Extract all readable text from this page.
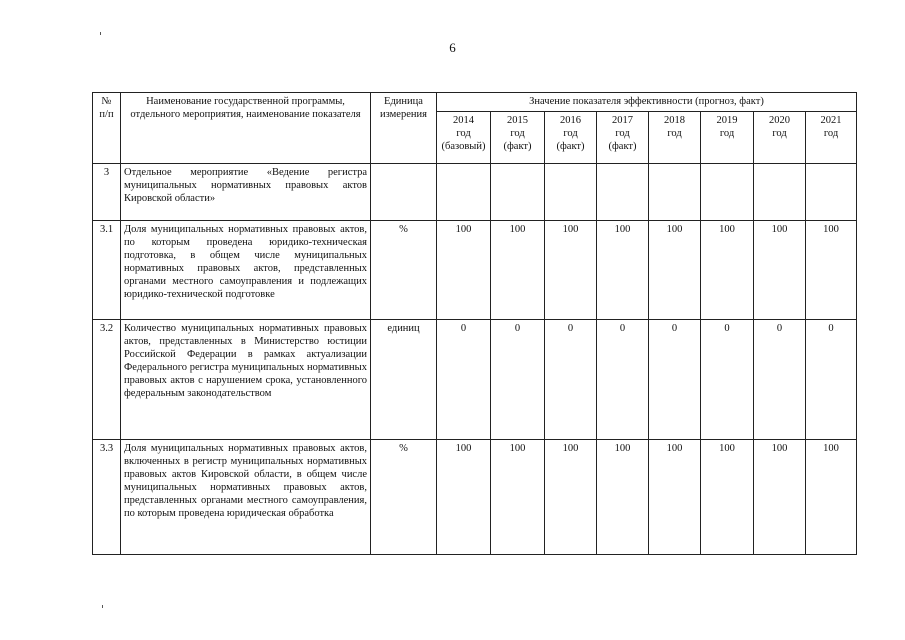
6
№ п/п	Наименование государственной программы, отдельного мероприятия, наименование показателя	Единица измерения	Значение показателя эффективности (прогноз, факт)							

			2014
год
(базовый)	2015
год
(факт)	2016
год
(факт)	2017
год
(факт)	2018
год	2019
год	2020
год	2021
год

3	Отдельное мероприятие «Ведение регистра муниципальных нормативных правовых актов Кировской области»									
3.1	Доля муниципальных нормативных правовых актов, по которым проведена юридико-техническая подготовка, в общем числе муниципальных нормативных правовых актов, представленных органами местного самоуправления и подлежащих юридико-технической подготовке	%	100	100	100	100	100	100	100	100
3.2	Количество муниципальных нормативных правовых актов, представленных в Министерство юстиции Российской Федерации в рамках актуализации Федерального регистра муниципальных нормативных правовых актов с нарушением срока, установленного федеральным законодательством	единиц	0	0	0	0	0	0	0	0
3.3	Доля муниципальных нормативных правовых актов, включенных в регистр муниципальных нормативных правовых актов Кировской области, в общем числе муниципальных нормативных правовых актов, представленных органами местного самоуправления, по которым проведена юридическая обработка	%	100	100	100	100	100	100	100	100
